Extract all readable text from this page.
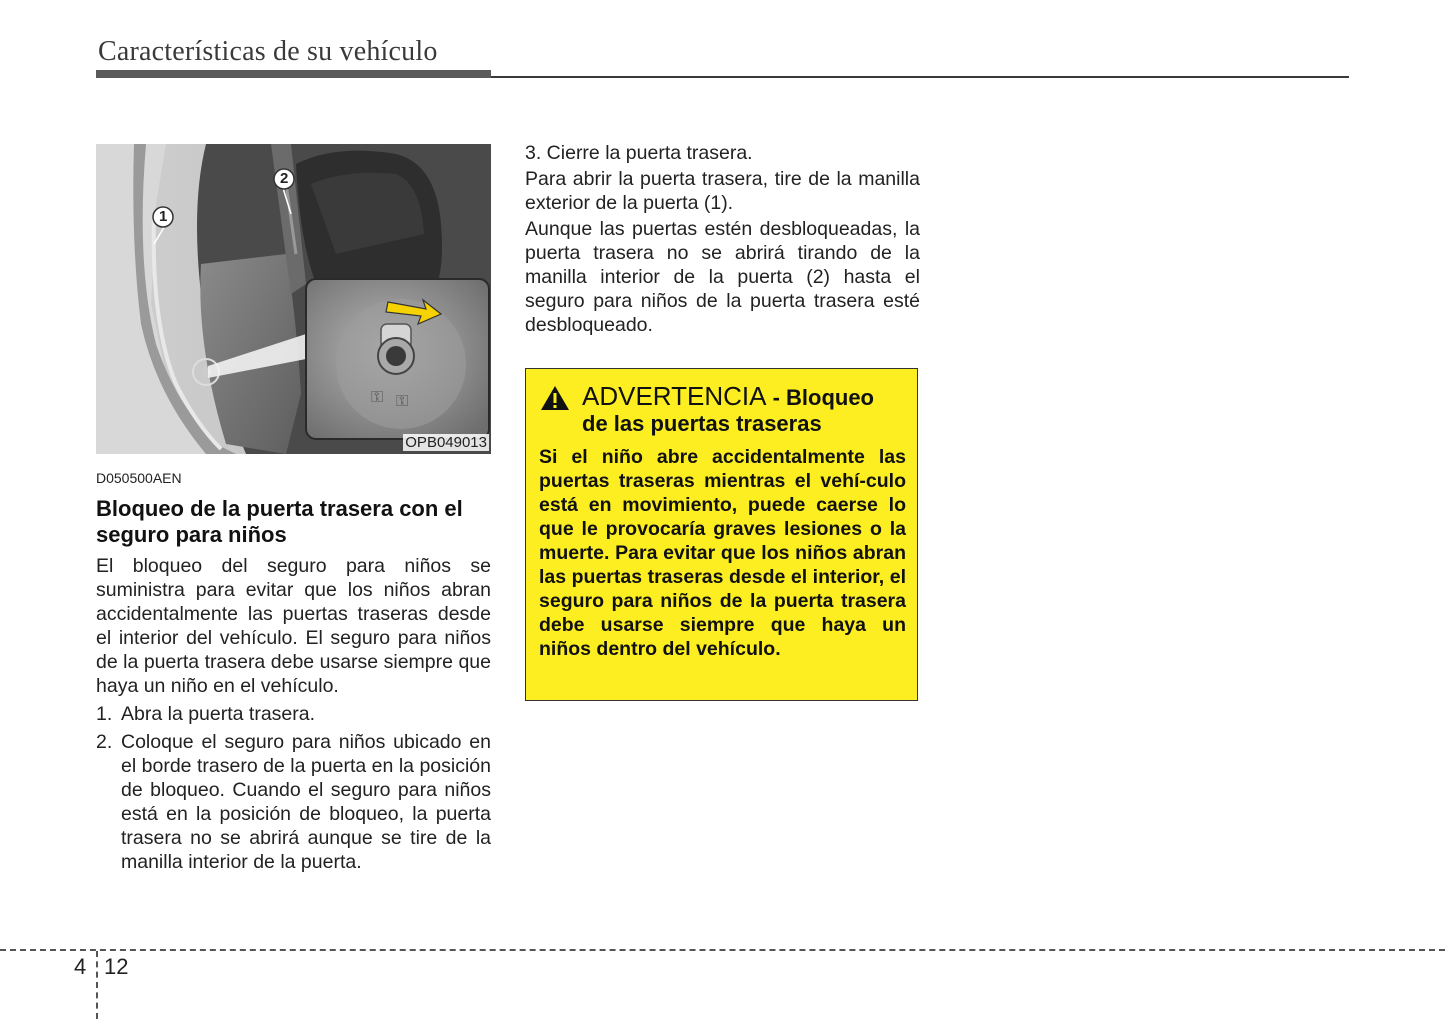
Características de su vehículo
⚿ ⚿
1
2
OPB049013
D050500AEN
Bloqueo de la puerta trasera con el seguro para niños

El bloqueo del seguro para niños se suministra para evitar que los niños abran accidentalmente las puertas traseras desde el interior del vehículo. El seguro para niños de la puerta trasera debe usarse siempre que haya un niño en el vehículo.

1. Abra la puerta trasera.
2. Coloque el seguro para niños ubicado en el borde trasero de la puerta en la posición de bloqueo. Cuando el seguro para niños está en la posición de bloqueo, la puerta trasera no se abrirá aunque se tire de la manilla interior de la puerta.

3. Cierre la puerta trasera.

Para abrir la puerta trasera, tire de la manilla exterior de la puerta (1).

Aunque las puertas estén desbloqueadas, la puerta trasera no se abrirá tirando de la manilla interior de la puerta (2) hasta el seguro para niños de la puerta trasera esté desbloqueado.

ADVERTENCIA - Bloqueo
de las puertas traseras
Si el niño abre accidentalmente las puertas traseras mientras el vehí-culo está en movimiento, puede caerse lo que le provocaría graves lesiones o la muerte. Para evitar que los niños abran las puertas traseras desde el interior, el seguro para niños de la puerta trasera debe usarse siempre que haya un niños dentro del vehículo.
4 12
